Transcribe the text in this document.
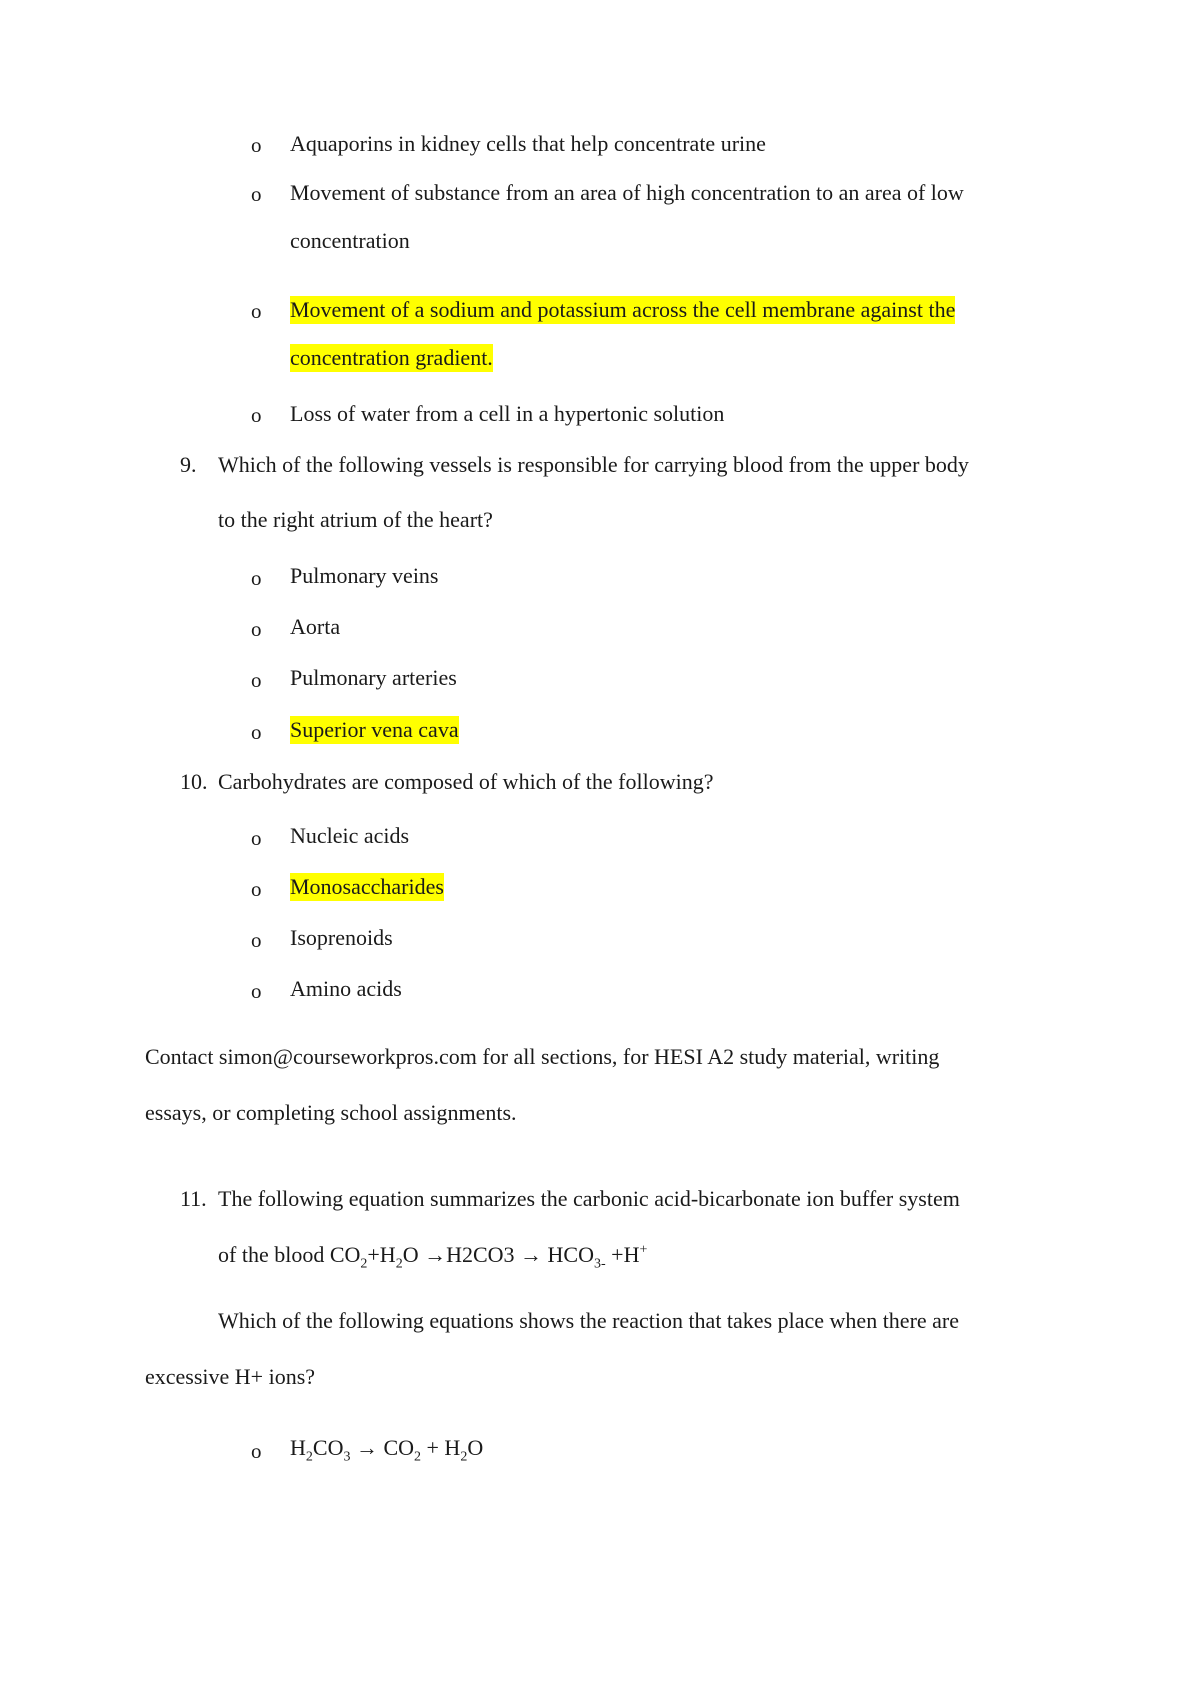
o Aquaporins in kidney cells that help concentrate urine
o Movement of substance from an area of high concentration to an area of low
concentration
o Movement of a sodium and potassium across the cell membrane against the
concentration gradient.
o Loss of water from a cell in a hypertonic solution
9. Which of the following vessels is responsible for carrying blood from the upper body
to the right atrium of the heart?
o Pulmonary veins
o Aorta
o Pulmonary arteries
o Superior vena cava
10. Carbohydrates are composed of which of the following?
o Nucleic acids
o Monosaccharides
o Isoprenoids
o Amino acids
Contact simon@courseworkpros.com for all sections, for HESI A2 study material, writing
essays, or completing school assignments.
11. The following equation summarizes the carbonic acid-bicarbonate ion buffer system
of the blood $CO_2+H_2O \to H2CO3 \to HCO_{3-} +H^+$
Which of the following equations shows the reaction that takes place when there are
excessive H+ ions?
o $H_2CO_3 \to CO_2 + H_2O$
